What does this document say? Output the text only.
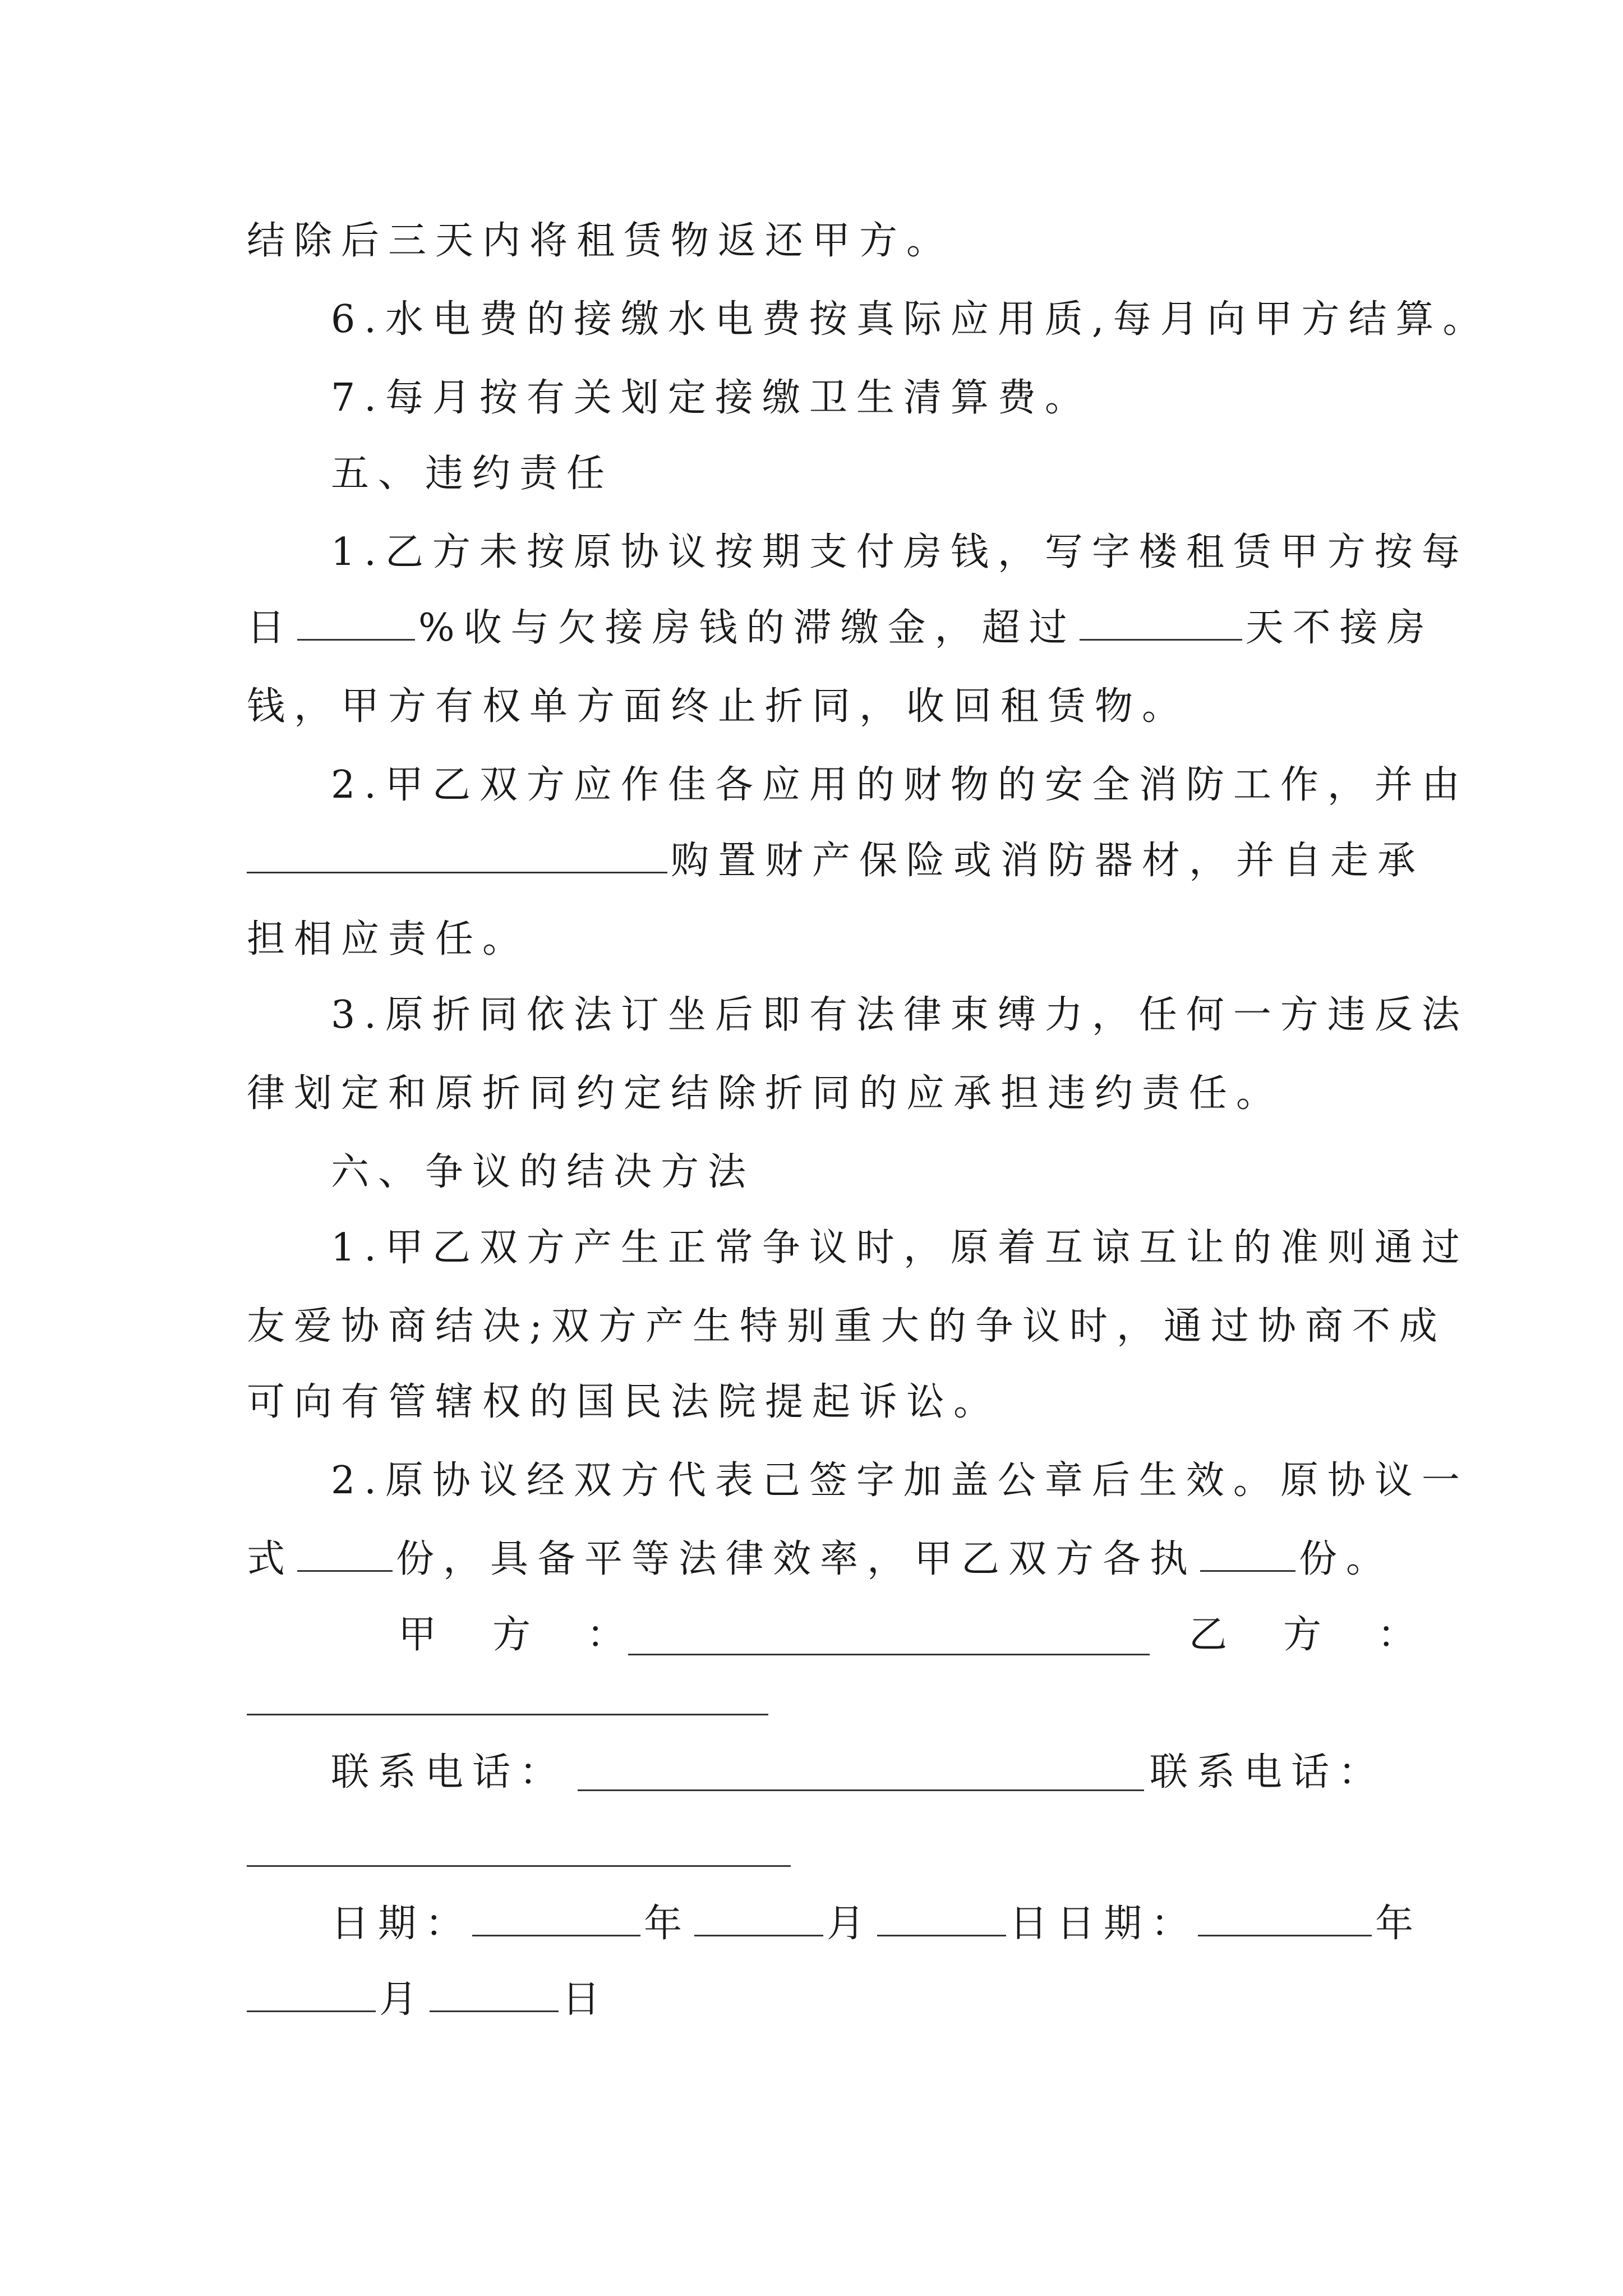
结除后三天内将租赁物返还甲方。
6.水电费的接缴水电费按真际应用质,每月向甲方结算。
7.每月按有关划定接缴卫生清算费。
五、违约责任
1.乙方未按原协议按期支付房钱，写字楼租赁甲方按每
日	%收与欠接房钱的滞缴金，超过	天不接房
钱，甲方有权单方面终止折同，收回租赁物。
2.甲乙双方应作佳各应用的财物的安全消防工作，并由
购置财产保险或消防器材，并自走承
担相应责任。
3.原折同依法订坐后即有法律束缚力，任何一方违反法
律划定和原折同约定结除折同的应承担违约责任。
六、争议的结决方法
1.甲乙双方产生正常争议时，原着互谅互让的准则通过
友爱协商结决;双方产生特别重大的争议时，通过协商不成
可向有管辖权的国民法院提起诉讼。
2.原协议经双方代表己签字加盖公章后生效。原协议一
式	份，具备平等法律效率，甲乙双方各执	份。
甲　方　：	乙　方　：
联系电话：	联系电话：
日期：	年	月	日日期：	年
月	日
